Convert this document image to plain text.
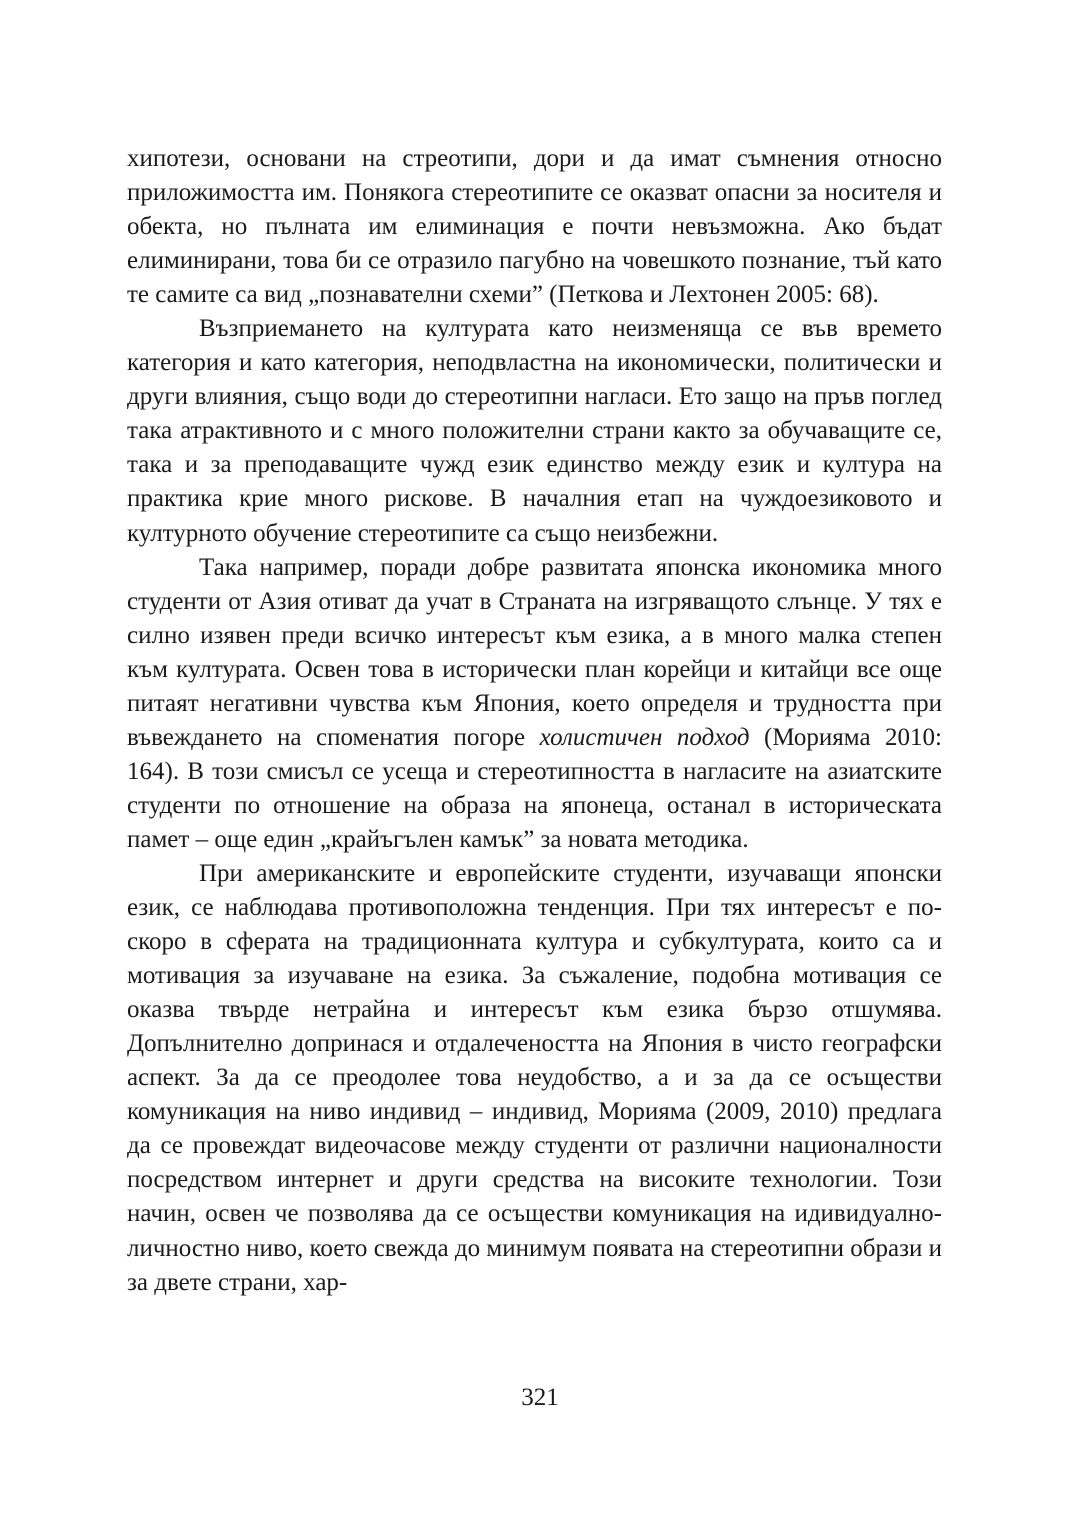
хипотези, основани на стреотипи, дори и да имат съмнения относно приложимостта им. Понякога стереотипите се оказват опасни за носителя и обекта, но пълната им елиминация е почти невъзможна. Ако бъдат елиминирани, това би се отразило пагубно на човешкото познание, тъй като те самите са вид „познавателни схеми” (Петкова и Лехтонен 2005: 68).

Възприемането на културата като неизменяща се във времето категория и като категория, неподвластна на икономически, политически и други влияния, също води до стереотипни нагласи. Ето защо на пръв поглед така атрактивното и с много положителни страни както за обучаващите се, така и за преподаващите чужд език единство между език и култура на практика крие много рискове. В началния етап на чуждоезиковото и културното обучение стереотипите са също неизбежни.

Така например, поради добре развитата японска икономика много студенти от Азия отиват да учат в Страната на изгряващото слънце. У тях е силно изявен преди всичко интересът към езика, а в много малка степен към културата. Освен това в исторически план корейци и китайци все още питаят негативни чувства към Япония, което определя и трудността при въвеждането на споменатия погоре холистичен подход (Морияма 2010: 164). В този смисъл се усеща и стереотипността в нагласите на азиатските студенти по отношение на образа на японеца, останал в историческата памет – още един „крайъгълен камък” за новата методика.

При американските и европейските студенти, изучаващи японски език, се наблюдава противоположна тенденция. При тях интересът е по-скоро в сферата на традиционната култура и субкултурата, които са и мотивация за изучаване на езика. За съжаление, подобна мотивация се оказва твърде нетрайна и интересът към езика бързо отшумява. Допълнително допринася и отдалечеността на Япония в чисто географски аспект. За да се преодолее това неудобство, а и за да се осъществи комуникация на ниво индивид – индивид, Морияма (2009, 2010) предлага да се провеждат видеочасове между студенти от различни националности посредством интернет и други средства на високите технологии. Този начин, освен че позволява да се осъществи комуникация на идивидуално-личностно ниво, което свежда до минимум появата на стереотипни образи и за двете страни, хар-

321
